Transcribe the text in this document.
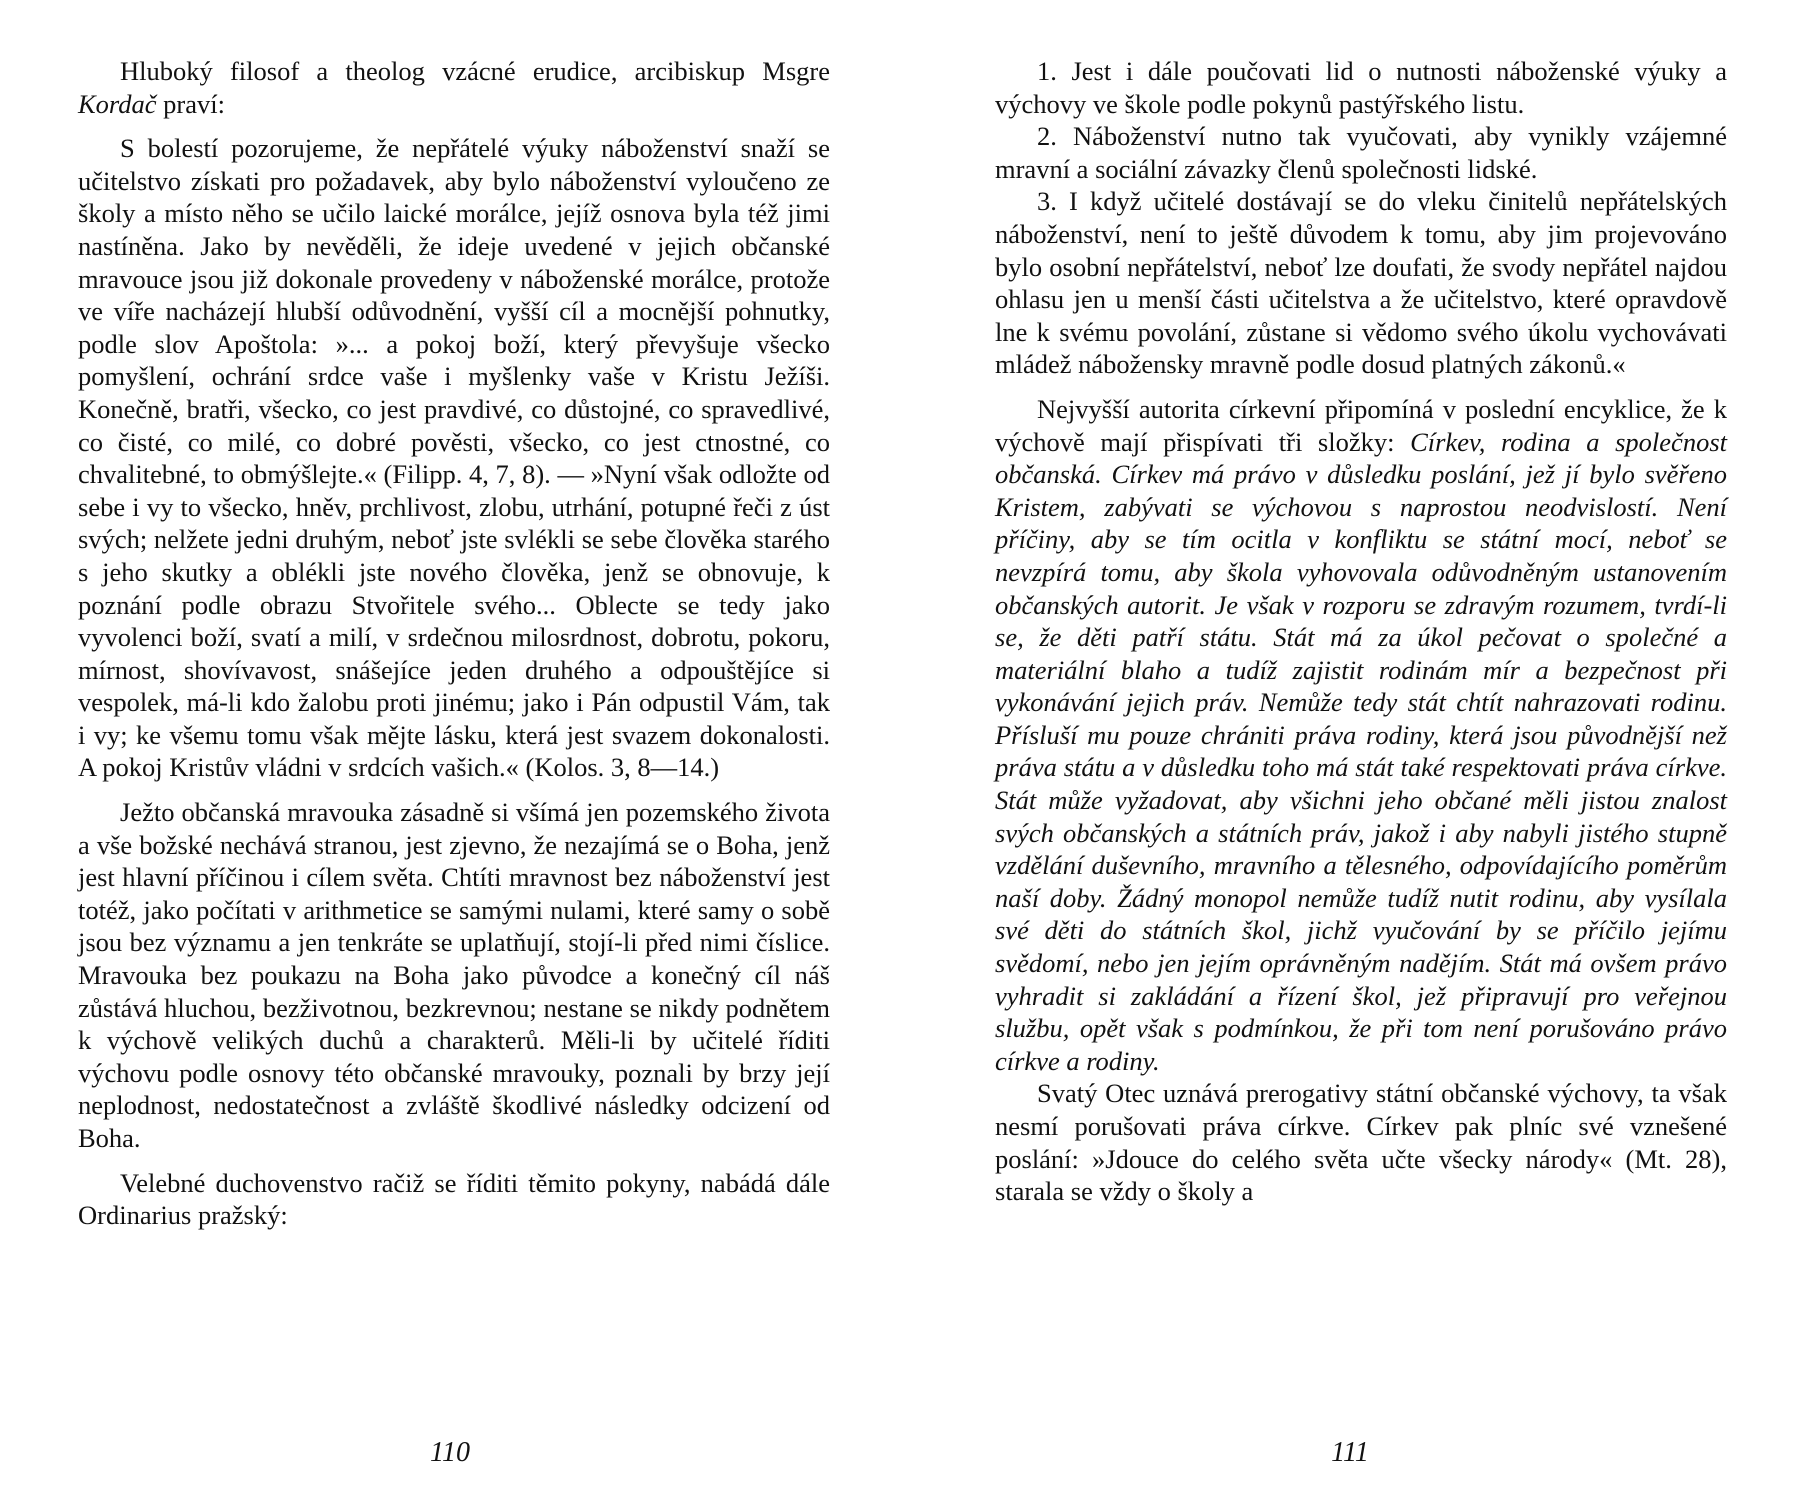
Hluboký filosof a theolog vzácné erudice, arcibiskup Msgre Kordač praví:

S bolestí pozorujeme, že nepřátelé výuky náboženství snaží se učitelstvo získati pro požadavek, aby bylo náboženství vyloučeno ze školy a místo něho se učilo laické morálce, jejíž osnova byla též jimi nastíněna. Jako by nevěděli, že ideje uvedené v jejich občanské mravouce jsou již dokonale provedeny v náboženské morálce, protože ve víře nacházejí hlubší odůvodnění, vyšší cíl a mocnější pohnutky, podle slov Apoštola: »... a pokoj boží, který převyšuje všecko pomyšlení, ochrání srdce vaše i myšlenky vaše v Kristu Ježíši. Konečně, bratři, všecko, co jest pravdivé, co důstojné, co spravedlivé, co čisté, co milé, co dobré pověsti, všecko, co jest ctnostné, co chvalitebné, to obmýšlejte.« (Filipp. 4, 7, 8). — »Nyní však odložte od sebe i vy to všecko, hněv, prchlivost, zlobu, utrhání, potupné řeči z úst svých; nelžete jedni druhým, neboť jste svlékli se sebe člověka starého s jeho skutky a oblékli jste nového člověka, jenž se obnovuje, k poznání podle obrazu Stvořitele svého... Oblecte se tedy jako vyvolenci boží, svatí a milí, v srdečnou milosrdnost, dobrotu, pokoru, mírnost, shovívavost, snášejíce jeden druhého a odpouštějíce si vespolek, má-li kdo žalobu proti jinému; jako i Pán odpustil Vám, tak i vy; ke všemu tomu však mějte lásku, která jest svazem dokonalosti. A pokoj Kristův vládni v srdcích vašich.« (Kolos. 3, 8—14.)

Ježto občanská mravouka zásadně si všímá jen pozemského života a vše božské nechává stranou, jest zjevno, že nezajímá se o Boha, jenž jest hlavní příčinou i cílem světa. Chtíti mravnost bez náboženství jest totéž, jako počítati v arithmetice se samými nulami, které samy o sobě jsou bez významu a jen tenkráte se uplatňují, stojí-li před nimi číslice. Mravouka bez poukazu na Boha jako původce a konečný cíl náš zůstává hluchou, bezživotnou, bezkrevnou; nestane se nikdy podnětem k výchově velikých duchů a charakterů. Měli-li by učitelé říditi výchovu podle osnovy této občanské mravouky, poznali by brzy její neplodnost, nedostatečnost a zvláště škodlivé následky odcizení od Boha.

Velebné duchovenstvo račiž se říditi těmito pokyny, nabádá dále Ordinarius pražský:

110

1. Jest i dále poučovati lid o nutnosti náboženské výuky a výchovy ve škole podle pokynů pastýřského listu.

2. Náboženství nutno tak vyučovati, aby vynikly vzájemné mravní a sociální závazky členů společnosti lidské.

3. I když učitelé dostávají se do vleku činitelů nepřátelských náboženství, není to ještě důvodem k tomu, aby jim projevováno bylo osobní nepřátelství, neboť lze doufati, že svody nepřátel najdou ohlasu jen u menší části učitelstva a že učitelstvo, které opravdově lne k svému povolání, zůstane si vědomo svého úkolu vychovávati mládež nábožensky mravně podle dosud platných zákonů.«

Nejvyšší autorita církevní připomíná v poslední encyklice, že k výchově mají přispívati tři složky: Církev, rodina a společnost občanská. Církev má právo v důsledku poslání, jež jí bylo svěřeno Kristem, zabývati se výchovou s naprostou neodvislostí. Není příčiny, aby se tím ocitla v konfliktu se státní mocí, neboť se nevzpírá tomu, aby škola vyhovovala odůvodněným ustanovením občanských autorit. Je však v rozporu se zdravým rozumem, tvrdí-li se, že děti patří státu. Stát má za úkol pečovat o společné a materiální blaho a tudíž zajistit rodinám mír a bezpečnost při vykonávání jejich práv. Nemůže tedy stát chtít nahrazovati rodinu. Přísluší mu pouze chrániti práva rodiny, která jsou původnější než práva státu a v důsledku toho má stát také respektovati práva církve. Stát může vyžadovat, aby všichni jeho občané měli jistou znalost svých občanských a státních práv, jakož i aby nabyli jistého stupně vzdělání duševního, mravního a tělesného, odpovídajícího poměrům naší doby. Žádný monopol nemůže tudíž nutit rodinu, aby vysílala své děti do státních škol, jichž vyučování by se příčilo jejímu svědomí, nebo jen jejím oprávněným nadějím. Stát má ovšem právo vyhradit si zakládání a řízení škol, jež připravují pro veřejnou službu, opět však s podmínkou, že při tom není porušováno právo církve a rodiny.

Svatý Otec uznává prerogativy státní občanské výchovy, ta však nesmí porušovati práva církve. Církev pak plníc své vznešené poslání: »Jdouce do celého světa učte všecky národy« (Mt. 28), starala se vždy o školy a

111
